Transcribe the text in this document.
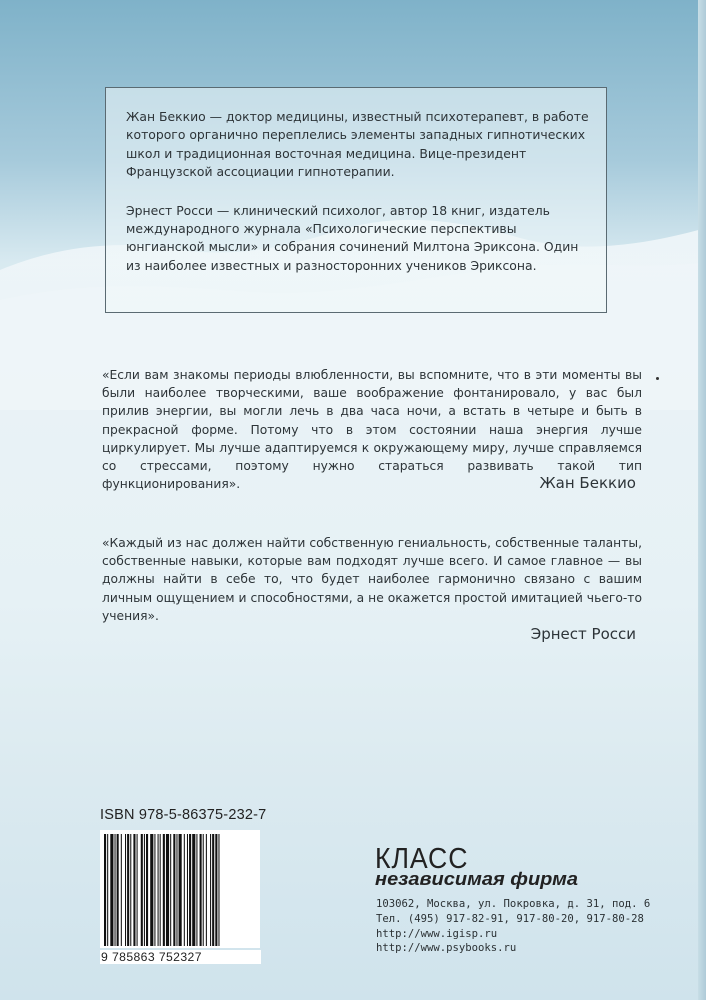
Жан Беккио — доктор медицины, известный психотерапевт, в работе которого органично переплелись элементы западных гипнотических школ и традиционная восточная медицина. Вице-президент Французской ассоциации гипнотерапии.

Эрнест Росси — клинический психолог, автор 18 книг, издатель международного журнала «Психологические перспективы юнгианской мысли» и собрания сочинений Милтона Эриксона. Один из наиболее известных и разносторонних учеников Эриксона.

«Если вам знакомы периоды влюбленности, вы вспомните, что в эти моменты вы были наиболее творческими, ваше воображение фонтанировало, у вас был прилив энергии, вы могли лечь в два часа ночи, а встать в четыре и быть в прекрасной форме. Потому что в этом состоянии наша энергия лучше циркулирует. Мы лучше адаптируемся к окружающему миру, лучше справляемся со стрессами, поэтому нужно стараться развивать такой тип функционирования».	Жан Беккио

«Каждый из нас должен найти собственную гениальность, собственные таланты, собственные навыки, которые вам подходят лучше всего. И самое главное — вы должны найти в себе то, что будет наиболее гармонично связано с вашим личным ощущением и способностями, а не окажется простой имитацией чьего-то учения».

Эрнест Росси
ISBN 978-5-86375-232-7
9 785863 752327
КЛАСС
независимая фирма
103062, Москва, ул. Покровка, д. 31, под. 6
Тел. (495) 917-82-91, 917-80-20, 917-80-28
http://www.igisp.ru
http://www.psybooks.ru
